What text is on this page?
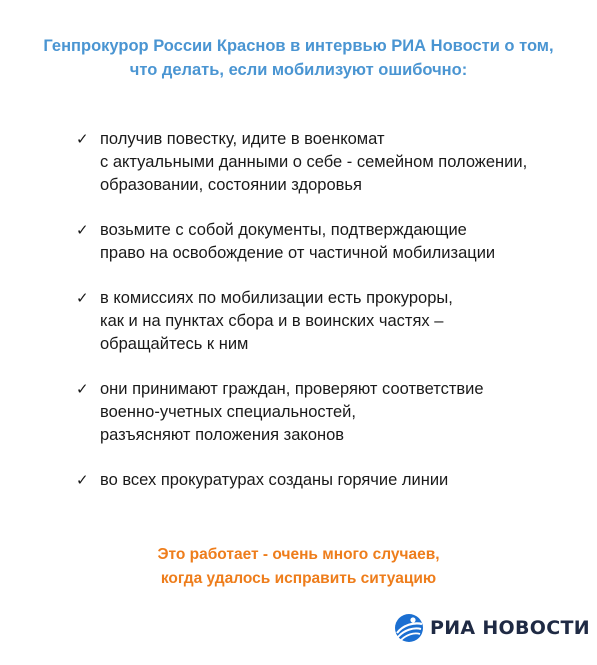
Генпрокурор России Краснов в интервью РИА Новости о том,
что делать, если мобилизуют ошибочно:
✓ получив повестку, идите в военкомат
с актуальными данными о себе - семейном положении,
образовании, состоянии здоровья
✓ возьмите с собой документы, подтверждающие
право на освобождение от частичной мобилизации
✓ в комиссиях по мобилизации есть прокуроры,
как и на пунктах сбора и в воинских частях –
обращайтесь к ним
✓ они принимают граждан, проверяют соответствие
военно-учетных специальностей,
разъясняют положения законов
✓ во всех прокуратурах созданы горячие линии

Это работает - очень много случаев,
когда удалось исправить ситуацию

РИА НОВОСТИ
